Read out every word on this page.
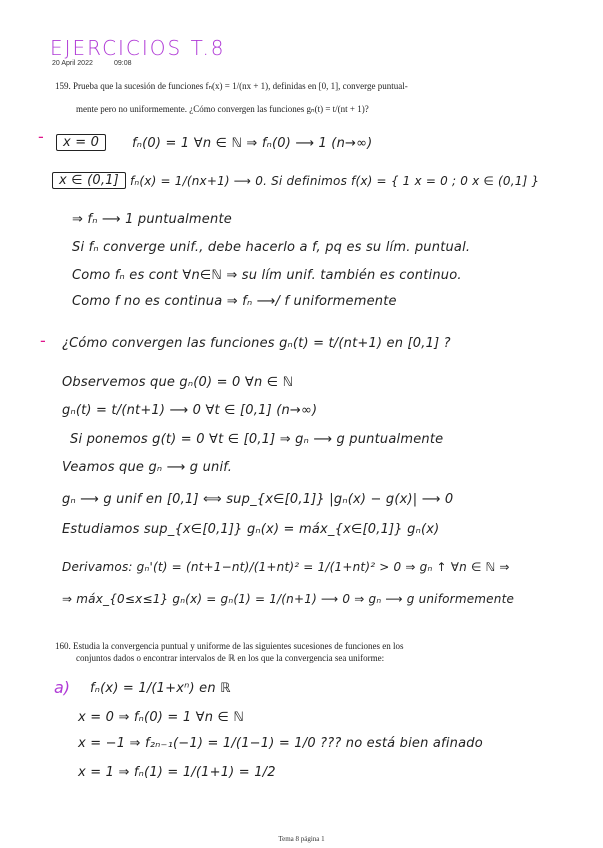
EJERCICIOS T.8
20 April 2022	09:08
159. Prueba que la sucesión de funciones fₙ(x) = 1/(nx + 1), definidas en [0, 1], converge puntual-
mente pero no uniformemente. ¿Cómo convergen las funciones gₙ(t) = t/(nt + 1)?
-	x = 0	fₙ(0) = 1 ∀n ∈ ℕ ⇒ fₙ(0) ⟶ 1 (n→∞)
x ∈ (0,1] fₙ(x) = 1/(nx+1) ⟶ 0. Si definimos f(x) = { 1 x = 0 ; 0 x ∈ (0,1] }
⇒ fₙ ⟶ 1 puntualmente
Si fₙ converge unif., debe hacerlo a f, pq es su lím. puntual.
Como fₙ es cont ∀n∈ℕ ⇒ su lím unif. también es continuo.
Como f no es continua ⇒ fₙ ⟶/ f uniformemente
- ¿Cómo convergen las funciones gₙ(t) = t/(nt+1) en [0,1] ?
Observemos que gₙ(0) = 0 ∀n ∈ ℕ
gₙ(t) = t/(nt+1) ⟶ 0 ∀t ∈ [0,1] (n→∞)
Si ponemos g(t) = 0 ∀t ∈ [0,1] ⇒ gₙ ⟶ g puntualmente
Veamos que gₙ ⟶ g unif.
gₙ ⟶ g unif en [0,1] ⟺ sup_{x∈[0,1]} |gₙ(x) − g(x)| ⟶ 0
Estudiamos sup_{x∈[0,1]} gₙ(x) = máx_{x∈[0,1]} gₙ(x)
Derivamos: gₙ'(t) = (nt+1−nt)/(1+nt)² = 1/(1+nt)² > 0 ⇒ gₙ ↑ ∀n ∈ ℕ ⇒
⇒ máx_{0≤x≤1} gₙ(x) = gₙ(1) = 1/(n+1) ⟶ 0 ⇒ gₙ ⟶ g uniformemente
160. Estudia la convergencia puntual y uniforme de las siguientes sucesiones de funciones en los
conjuntos dados o encontrar intervalos de ℝ en los que la convergencia sea uniforme:
a) fₙ(x) = 1/(1+xⁿ) en ℝ
x = 0 ⇒ fₙ(0) = 1 ∀n ∈ ℕ
x = −1 ⇒ f₂ₙ₋₁(−1) = 1/(1−1) = 1/0 ??? no está bien afinado
x = 1 ⇒ fₙ(1) = 1/(1+1) = 1/2
Tema 8 página 1
